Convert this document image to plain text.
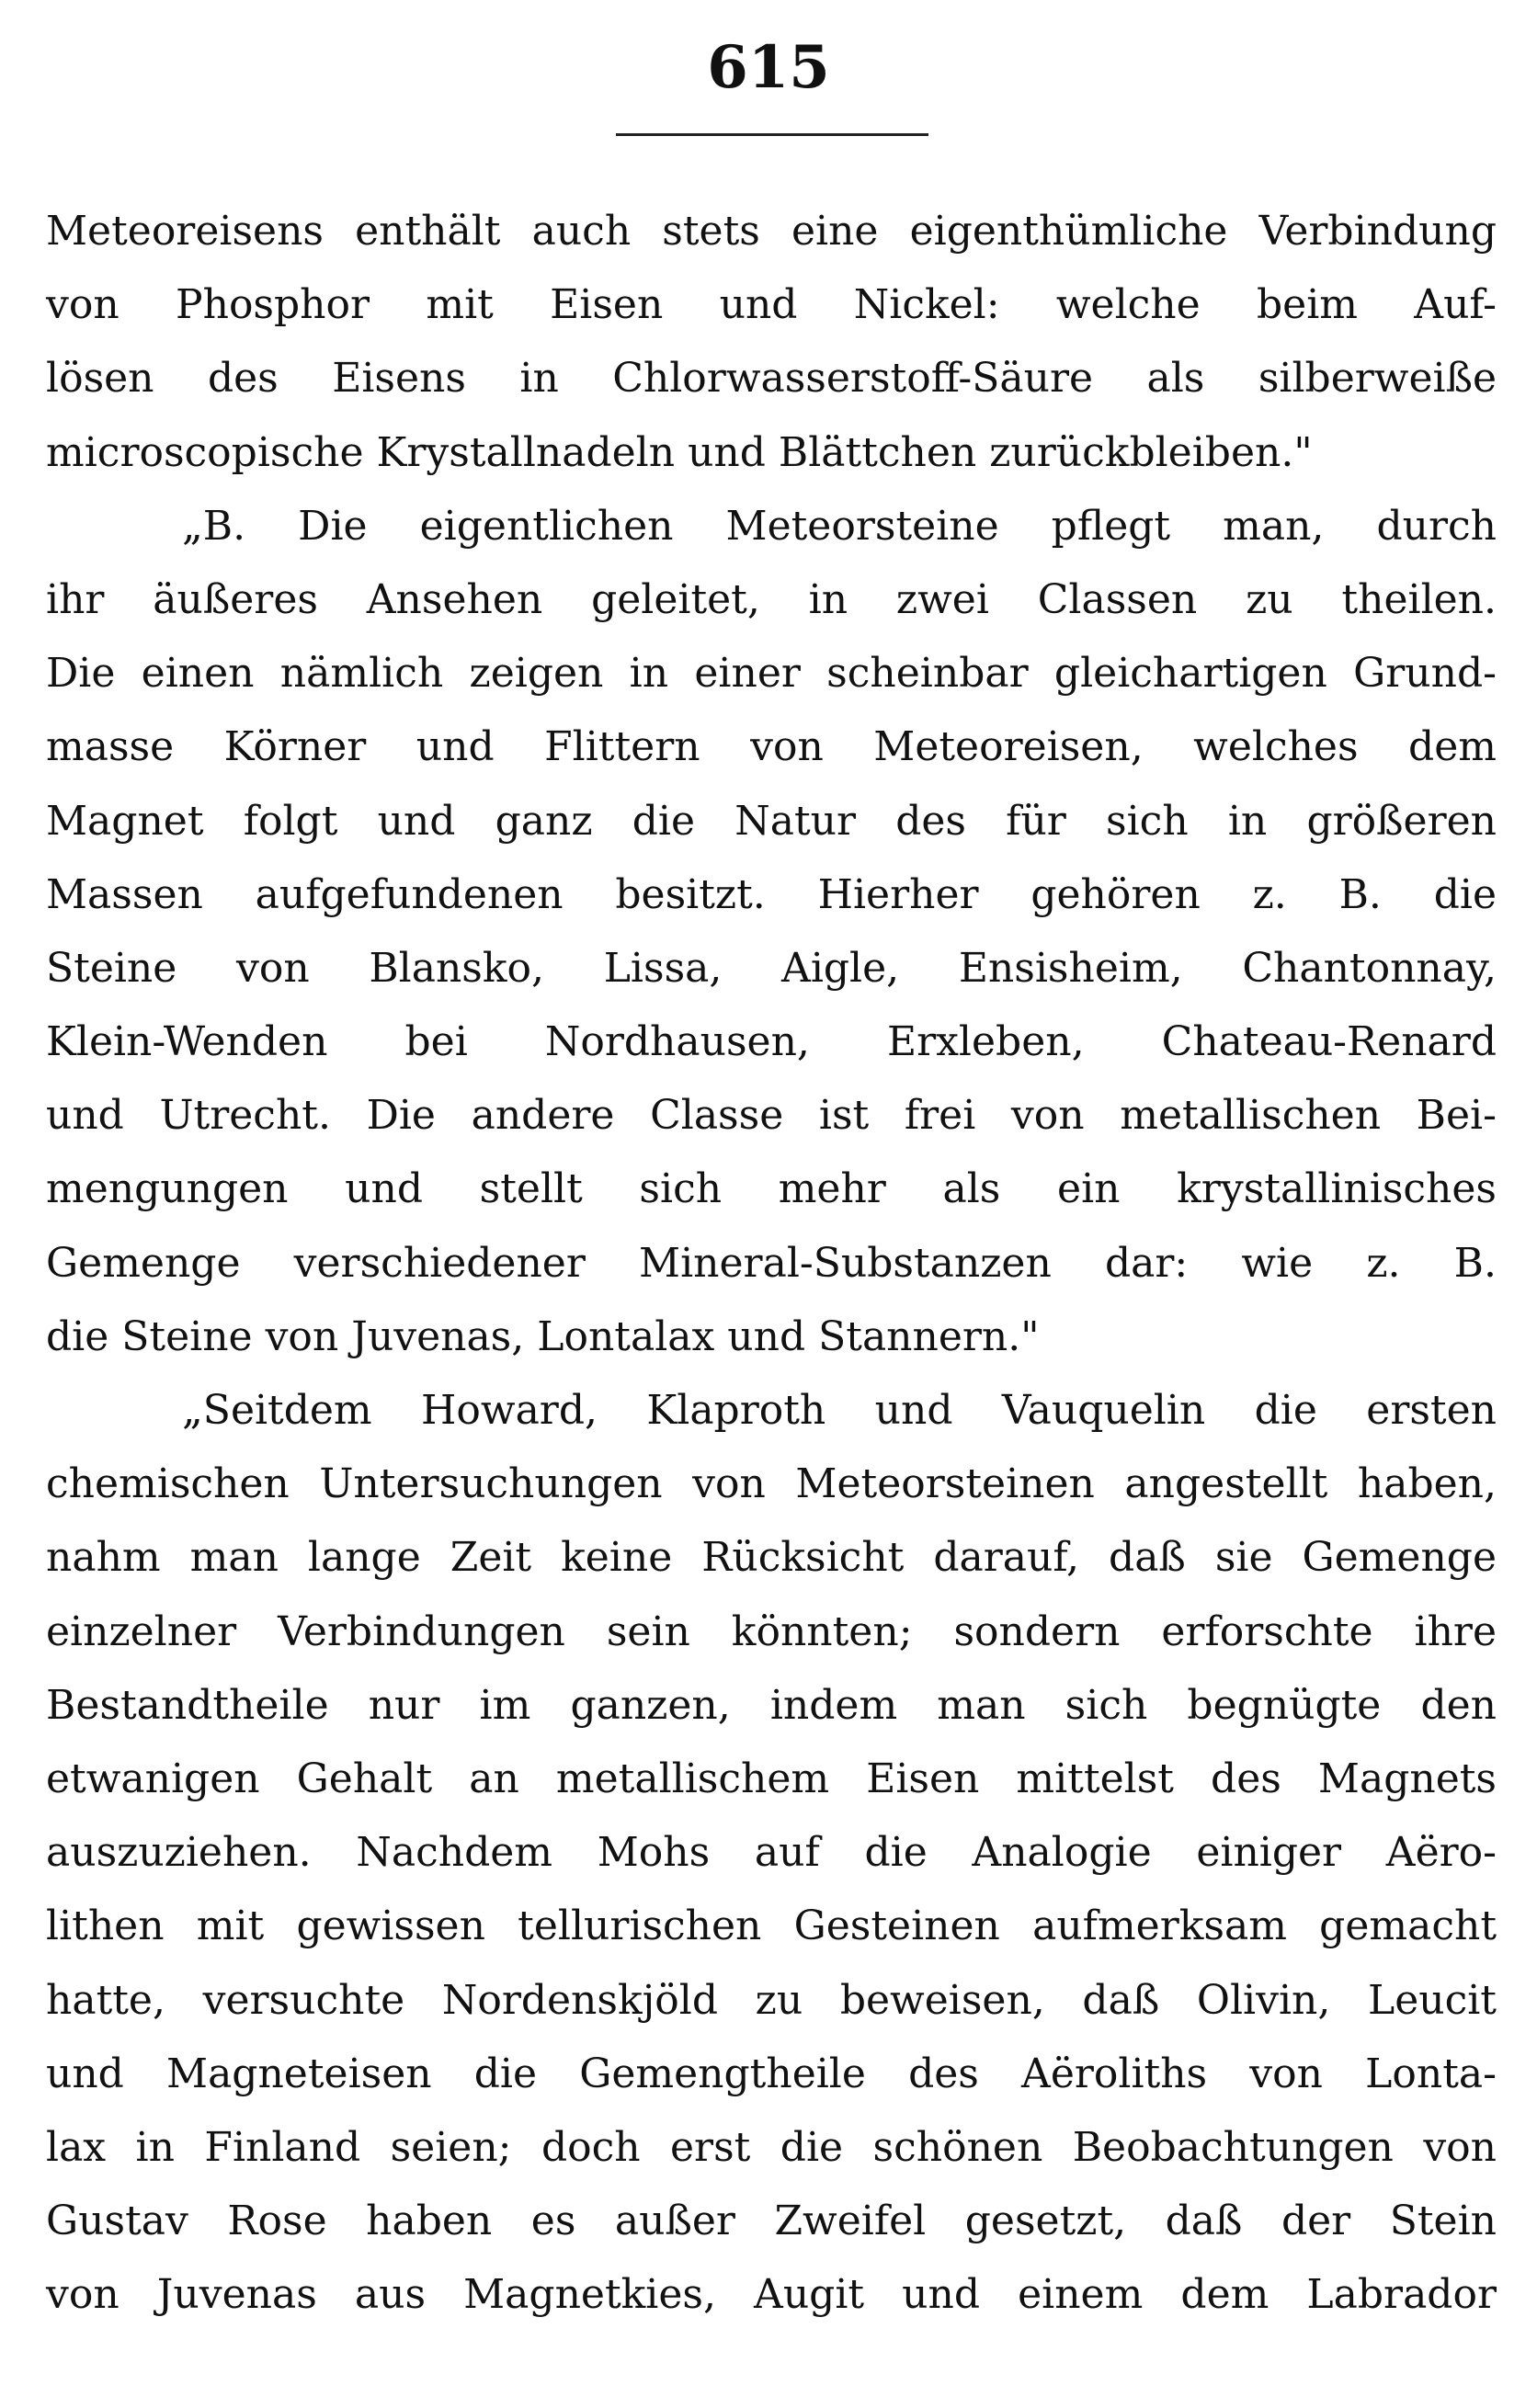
615
Meteoreisens enthält auch stets eine eigenthümliche Verbindung
von Phosphor mit Eisen und Nickel: welche beim Auf-
lösen des Eisens in Chlorwasserstoff-Säure als silberweiße
microscopische Krystallnadeln und Blättchen zurückbleiben."
„B. Die eigentlichen Meteorsteine pflegt man, durch
ihr äußeres Ansehen geleitet, in zwei Classen zu theilen.
Die einen nämlich zeigen in einer scheinbar gleichartigen Grund-
masse Körner und Flittern von Meteoreisen, welches dem
Magnet folgt und ganz die Natur des für sich in größeren
Massen aufgefundenen besitzt. Hierher gehören z. B. die
Steine von Blansko, Lissa, Aigle, Ensisheim, Chantonnay,
Klein-Wenden bei Nordhausen, Erxleben, Chateau-Renard
und Utrecht. Die andere Classe ist frei von metallischen Bei-
mengungen und stellt sich mehr als ein krystallinisches
Gemenge verschiedener Mineral-Substanzen dar: wie z. B.
die Steine von Juvenas, Lontalax und Stannern."
„Seitdem Howard, Klaproth und Vauquelin die ersten
chemischen Untersuchungen von Meteorsteinen angestellt haben,
nahm man lange Zeit keine Rücksicht darauf, daß sie Gemenge
einzelner Verbindungen sein könnten; sondern erforschte ihre
Bestandtheile nur im ganzen, indem man sich begnügte den
etwanigen Gehalt an metallischem Eisen mittelst des Magnets
auszuziehen. Nachdem Mohs auf die Analogie einiger Aëro-
lithen mit gewissen tellurischen Gesteinen aufmerksam gemacht
hatte, versuchte Nordenskjöld zu beweisen, daß Olivin, Leucit
und Magneteisen die Gemengtheile des Aëroliths von Lonta-
lax in Finland seien; doch erst die schönen Beobachtungen von
Gustav Rose haben es außer Zweifel gesetzt, daß der Stein
von Juvenas aus Magnetkies, Augit und einem dem Labrador
